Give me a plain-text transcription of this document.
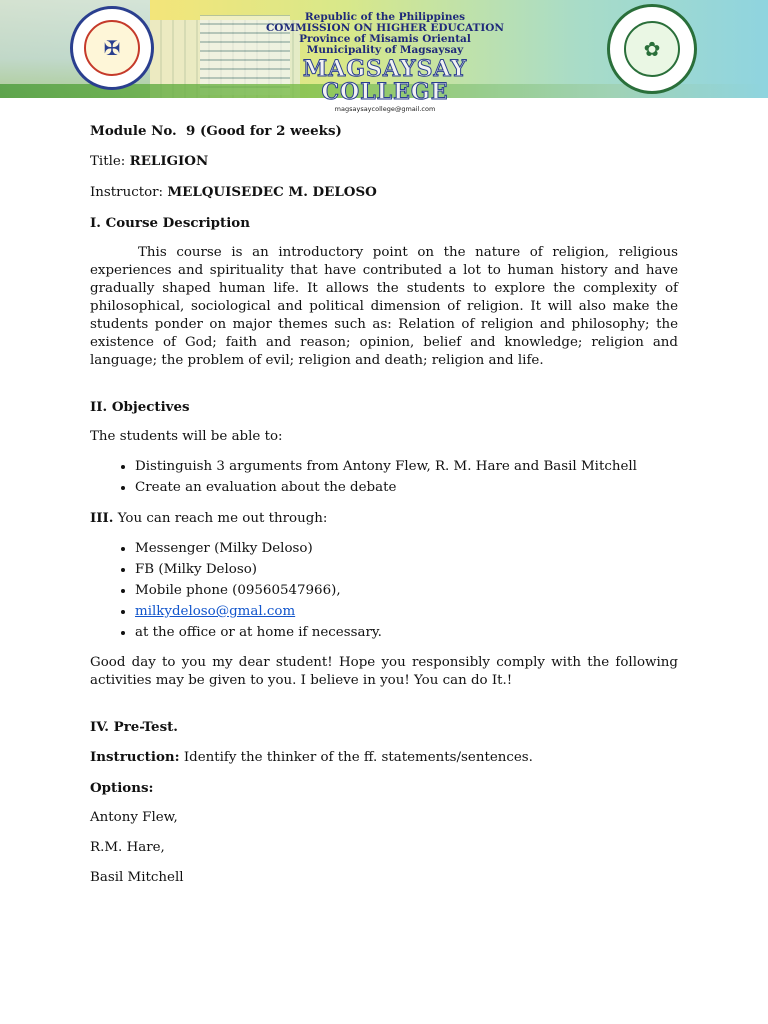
✠
Republic of the Philippines
COMMISSION ON HIGHER EDUCATION
Province of Misamis Oriental
Municipality of Magsaysay
MAGSAYSAY COLLEGE
magsaysaycollege@gmail.com
✿

Module No. 9 (Good for 2 weeks)

Title: RELIGION

Instructor: MELQUISEDEC M. DELOSO

I. Course Description

This course is an introductory point on the nature of religion, religious experiences and spirituality that have contributed a lot to human history and have gradually shaped human life. It allows the students to explore the complexity of philosophical, sociological and political dimension of religion. It will also make the students ponder on major themes such as: Relation of religion and philosophy; the existence of God; faith and reason; opinion, belief and knowledge; religion and language; the problem of evil; religion and death; religion and life.

II. Objectives

The students will be able to:

• Distinguish 3 arguments from Antony Flew, R. M. Hare and Basil Mitchell
• Create an evaluation about the debate

III. You can reach me out through:

• Messenger (Milky Deloso)
• FB (Milky Deloso)
• Mobile phone (09560547966),
• milkydeloso@gmal.com
• at the office or at home if necessary.

Good day to you my dear student! Hope you responsibly comply with the following activities may be given to you. I believe in you! You can do It.!

IV. Pre-Test.

Instruction: Identify the thinker of the ff. statements/sentences.

Options:

Antony Flew,

R.M. Hare,

Basil Mitchell
